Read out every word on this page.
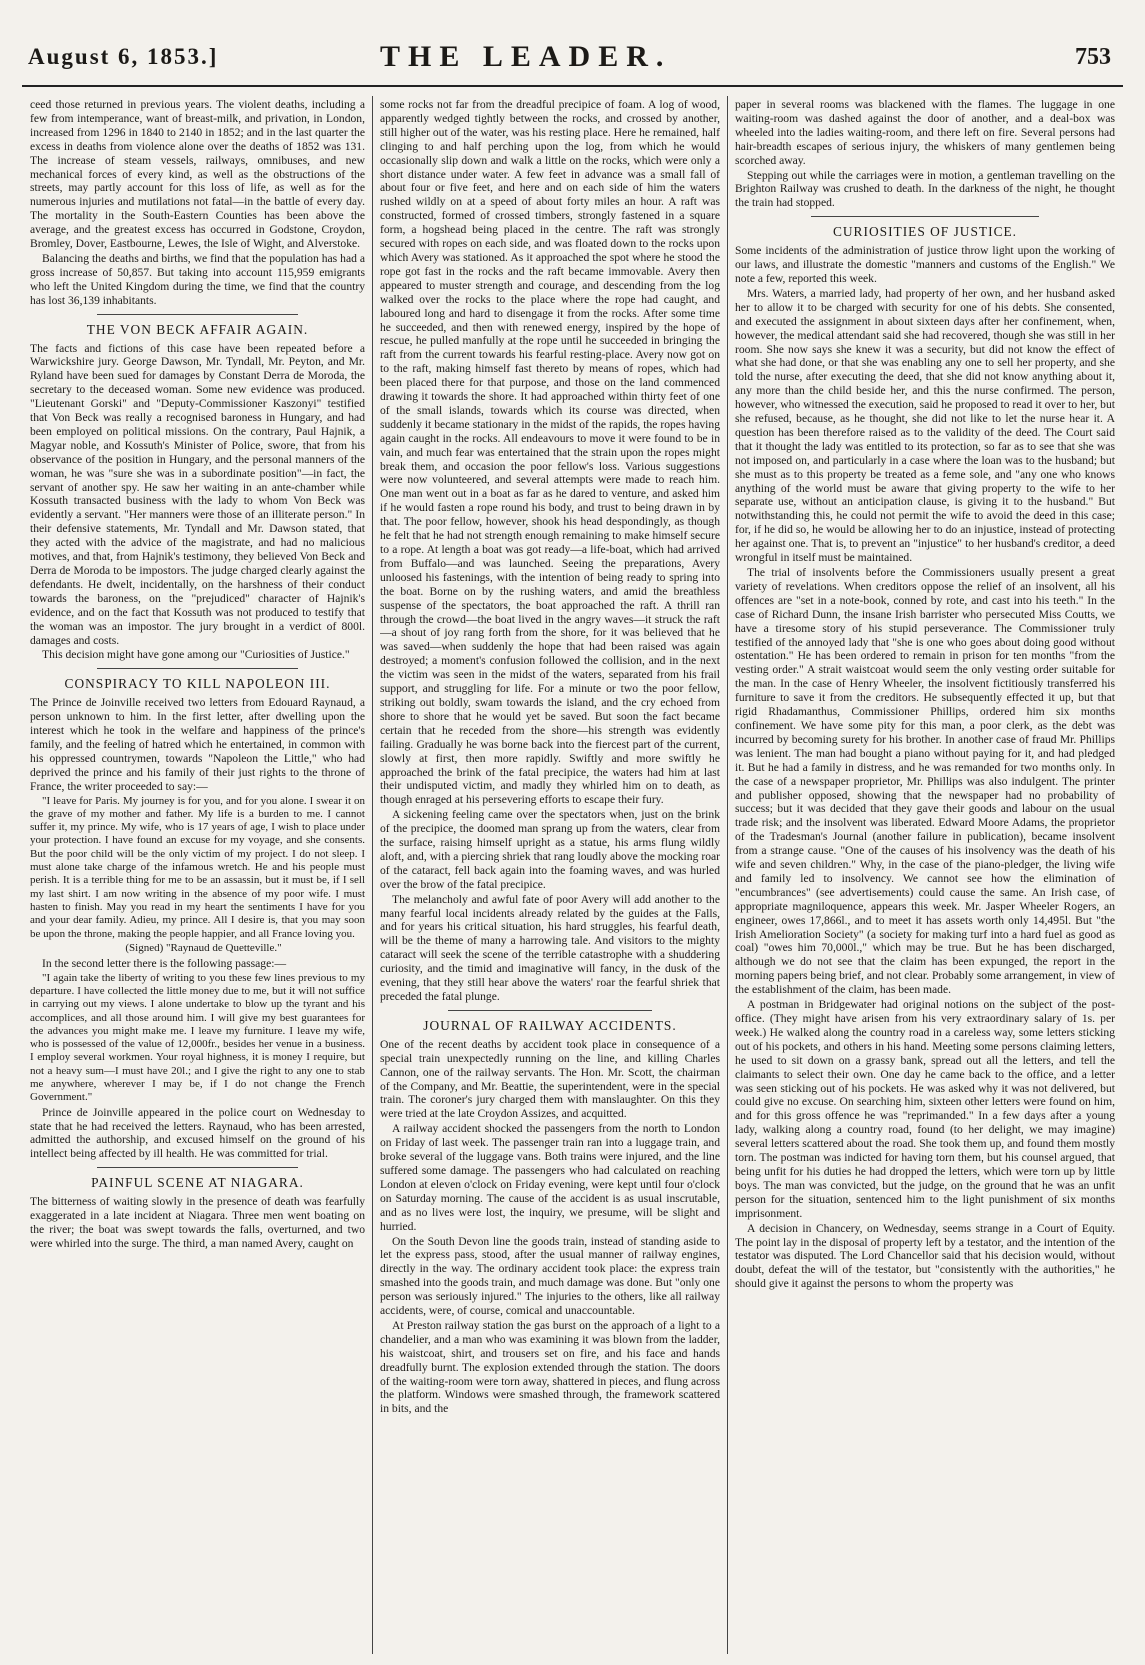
August 6, 1853.]	THE LEADER.	753

ceed those returned in previous years. The violent deaths, including a few from intemperance, want of breast-milk, and privation, in London, increased from 1296 in 1840 to 2140 in 1852; and in the last quarter the excess in deaths from violence alone over the deaths of 1852 was 131. The increase of steam vessels, railways, omnibuses, and new mechanical forces of every kind, as well as the obstructions of the streets, may partly account for this loss of life, as well as for the numerous injuries and mutilations not fatal—in the battle of every day. The mortality in the South-Eastern Counties has been above the average, and the greatest excess has occurred in Godstone, Croydon, Bromley, Dover, Eastbourne, Lewes, the Isle of Wight, and Alverstoke.

Balancing the deaths and births, we find that the population has had a gross increase of 50,857. But taking into account 115,959 emigrants who left the United Kingdom during the time, we find that the country has lost 36,139 inhabitants.

THE VON BECK AFFAIR AGAIN.

The facts and fictions of this case have been repeated before a Warwickshire jury. George Dawson, Mr. Tyndall, Mr. Peyton, and Mr. Ryland have been sued for damages by Constant Derra de Moroda, the secretary to the deceased woman. Some new evidence was produced. "Lieutenant Gorski" and "Deputy-Commissioner Kaszonyi" testified that Von Beck was really a recognised baroness in Hungary, and had been employed on political missions. On the contrary, Paul Hajnik, a Magyar noble, and Kossuth's Minister of Police, swore, that from his observance of the position in Hungary, and the personal manners of the woman, he was "sure she was in a subordinate position"—in fact, the servant of another spy. He saw her waiting in an ante-chamber while Kossuth transacted business with the lady to whom Von Beck was evidently a servant. "Her manners were those of an illiterate person." In their defensive statements, Mr. Tyndall and Mr. Dawson stated, that they acted with the advice of the magistrate, and had no malicious motives, and that, from Hajnik's testimony, they believed Von Beck and Derra de Moroda to be impostors. The judge charged clearly against the defendants. He dwelt, incidentally, on the harshness of their conduct towards the baroness, on the "prejudiced" character of Hajnik's evidence, and on the fact that Kossuth was not produced to testify that the woman was an impostor. The jury brought in a verdict of 800l. damages and costs.

This decision might have gone among our "Curiosities of Justice."

CONSPIRACY TO KILL NAPOLEON III.

The Prince de Joinville received two letters from Edouard Raynaud, a person unknown to him. In the first letter, after dwelling upon the interest which he took in the welfare and happiness of the prince's family, and the feeling of hatred which he entertained, in common with his oppressed countrymen, towards "Napoleon the Little," who had deprived the prince and his family of their just rights to the throne of France, the writer proceeded to say:—

"I leave for Paris. My journey is for you, and for you alone. I swear it on the grave of my mother and father. My life is a burden to me. I cannot suffer it, my prince. My wife, who is 17 years of age, I wish to place under your protection. I have found an excuse for my voyage, and she consents. But the poor child will be the only victim of my project. I do not sleep. I must alone take charge of the infamous wretch. He and his people must perish. It is a terrible thing for me to be an assassin, but it must be, if I sell my last shirt. I am now writing in the absence of my poor wife. I must hasten to finish. May you read in my heart the sentiments I have for you and your dear family. Adieu, my prince. All I desire is, that you may soon be upon the throne, making the people happier, and all France loving you.

(Signed) "Raynaud de Quetteville."

In the second letter there is the following passage:—

"I again take the liberty of writing to you these few lines previous to my departure. I have collected the little money due to me, but it will not suffice in carrying out my views. I alone undertake to blow up the tyrant and his accomplices, and all those around him. I will give my best guarantees for the advances you might make me. I leave my furniture. I leave my wife, who is possessed of the value of 12,000fr., besides her venue in a business. I employ several workmen. Your royal highness, it is money I require, but not a heavy sum—I must have 20l.; and I give the right to any one to stab me anywhere, wherever I may be, if I do not change the French Government."

Prince de Joinville appeared in the police court on Wednesday to state that he had received the letters. Raynaud, who has been arrested, admitted the authorship, and excused himself on the ground of his intellect being affected by ill health. He was committed for trial.

PAINFUL SCENE AT NIAGARA.

The bitterness of waiting slowly in the presence of death was fearfully exaggerated in a late incident at Niagara. Three men went boating on the river; the boat was swept towards the falls, overturned, and two were whirled into the surge. The third, a man named Avery, caught on

some rocks not far from the dreadful precipice of foam. A log of wood, apparently wedged tightly between the rocks, and crossed by another, still higher out of the water, was his resting place. Here he remained, half clinging to and half perching upon the log, from which he would occasionally slip down and walk a little on the rocks, which were only a short distance under water. A few feet in advance was a small fall of about four or five feet, and here and on each side of him the waters rushed wildly on at a speed of about forty miles an hour. A raft was constructed, formed of crossed timbers, strongly fastened in a square form, a hogshead being placed in the centre. The raft was strongly secured with ropes on each side, and was floated down to the rocks upon which Avery was stationed. As it approached the spot where he stood the rope got fast in the rocks and the raft became immovable. Avery then appeared to muster strength and courage, and descending from the log walked over the rocks to the place where the rope had caught, and laboured long and hard to disengage it from the rocks. After some time he succeeded, and then with renewed energy, inspired by the hope of rescue, he pulled manfully at the rope until he succeeded in bringing the raft from the current towards his fearful resting-place. Avery now got on to the raft, making himself fast thereto by means of ropes, which had been placed there for that purpose, and those on the land commenced drawing it towards the shore. It had approached within thirty feet of one of the small islands, towards which its course was directed, when suddenly it became stationary in the midst of the rapids, the ropes having again caught in the rocks. All endeavours to move it were found to be in vain, and much fear was entertained that the strain upon the ropes might break them, and occasion the poor fellow's loss. Various suggestions were now volunteered, and several attempts were made to reach him. One man went out in a boat as far as he dared to venture, and asked him if he would fasten a rope round his body, and trust to being drawn in by that. The poor fellow, however, shook his head despondingly, as though he felt that he had not strength enough remaining to make himself secure to a rope. At length a boat was got ready—a life-boat, which had arrived from Buffalo—and was launched. Seeing the preparations, Avery unloosed his fastenings, with the intention of being ready to spring into the boat. Borne on by the rushing waters, and amid the breathless suspense of the spectators, the boat approached the raft. A thrill ran through the crowd—the boat lived in the angry waves—it struck the raft—a shout of joy rang forth from the shore, for it was believed that he was saved—when suddenly the hope that had been raised was again destroyed; a moment's confusion followed the collision, and in the next the victim was seen in the midst of the waters, separated from his frail support, and struggling for life. For a minute or two the poor fellow, striking out boldly, swam towards the island, and the cry echoed from shore to shore that he would yet be saved. But soon the fact became certain that he receded from the shore—his strength was evidently failing. Gradually he was borne back into the fiercest part of the current, slowly at first, then more rapidly. Swiftly and more swiftly he approached the brink of the fatal precipice, the waters had him at last their undisputed victim, and madly they whirled him on to death, as though enraged at his persevering efforts to escape their fury.

A sickening feeling came over the spectators when, just on the brink of the precipice, the doomed man sprang up from the waters, clear from the surface, raising himself upright as a statue, his arms flung wildly aloft, and, with a piercing shriek that rang loudly above the mocking roar of the cataract, fell back again into the foaming waves, and was hurled over the brow of the fatal precipice.

The melancholy and awful fate of poor Avery will add another to the many fearful local incidents already related by the guides at the Falls, and for years his critical situation, his hard struggles, his fearful death, will be the theme of many a harrowing tale. And visitors to the mighty cataract will seek the scene of the terrible catastrophe with a shuddering curiosity, and the timid and imaginative will fancy, in the dusk of the evening, that they still hear above the waters' roar the fearful shriek that preceded the fatal plunge.

JOURNAL OF RAILWAY ACCIDENTS.

One of the recent deaths by accident took place in consequence of a special train unexpectedly running on the line, and killing Charles Cannon, one of the railway servants. The Hon. Mr. Scott, the chairman of the Company, and Mr. Beattie, the superintendent, were in the special train. The coroner's jury charged them with manslaughter. On this they were tried at the late Croydon Assizes, and acquitted.

A railway accident shocked the passengers from the north to London on Friday of last week. The passenger train ran into a luggage train, and broke several of the luggage vans. Both trains were injured, and the line suffered some damage. The passengers who had calculated on reaching London at eleven o'clock on Friday evening, were kept until four o'clock on Saturday morning. The cause of the accident is as usual inscrutable, and as no lives were lost, the inquiry, we presume, will be slight and hurried.

On the South Devon line the goods train, instead of standing aside to let the express pass, stood, after the usual manner of railway engines, directly in the way. The ordinary accident took place: the express train smashed into the goods train, and much damage was done. But "only one person was seriously injured." The injuries to the others, like all railway accidents, were, of course, comical and unaccountable.

At Preston railway station the gas burst on the approach of a light to a chandelier, and a man who was examining it was blown from the ladder, his waistcoat, shirt, and trousers set on fire, and his face and hands dreadfully burnt. The explosion extended through the station. The doors of the waiting-room were torn away, shattered in pieces, and flung across the platform. Windows were smashed through, the framework scattered in bits, and the

paper in several rooms was blackened with the flames. The luggage in one waiting-room was dashed against the door of another, and a deal-box was wheeled into the ladies waiting-room, and there left on fire. Several persons had hair-breadth escapes of serious injury, the whiskers of many gentlemen being scorched away.

Stepping out while the carriages were in motion, a gentleman travelling on the Brighton Railway was crushed to death. In the darkness of the night, he thought the train had stopped.

CURIOSITIES OF JUSTICE.

Some incidents of the administration of justice throw light upon the working of our laws, and illustrate the domestic "manners and customs of the English." We note a few, reported this week.

Mrs. Waters, a married lady, had property of her own, and her husband asked her to allow it to be charged with security for one of his debts. She consented, and executed the assignment in about sixteen days after her confinement, when, however, the medical attendant said she had recovered, though she was still in her room. She now says she knew it was a security, but did not know the effect of what she had done, or that she was enabling any one to sell her property, and she told the nurse, after executing the deed, that she did not know anything about it, any more than the child beside her, and this the nurse confirmed. The person, however, who witnessed the execution, said he proposed to read it over to her, but she refused, because, as he thought, she did not like to let the nurse hear it. A question has been therefore raised as to the validity of the deed. The Court said that it thought the lady was entitled to its protection, so far as to see that she was not imposed on, and particularly in a case where the loan was to the husband; but she must as to this property be treated as a feme sole, and "any one who knows anything of the world must be aware that giving property to the wife to her separate use, without an anticipation clause, is giving it to the husband." But notwithstanding this, he could not permit the wife to avoid the deed in this case; for, if he did so, he would be allowing her to do an injustice, instead of protecting her against one. That is, to prevent an "injustice" to her husband's creditor, a deed wrongful in itself must be maintained.

The trial of insolvents before the Commissioners usually present a great variety of revelations. When creditors oppose the relief of an insolvent, all his offences are "set in a note-book, conned by rote, and cast into his teeth." In the case of Richard Dunn, the insane Irish barrister who persecuted Miss Coutts, we have a tiresome story of his stupid perseverance. The Commissioner truly testified of the annoyed lady that "she is one who goes about doing good without ostentation." He has been ordered to remain in prison for ten months "from the vesting order." A strait waistcoat would seem the only vesting order suitable for the man. In the case of Henry Wheeler, the insolvent fictitiously transferred his furniture to save it from the creditors. He subsequently effected it up, but that rigid Rhadamanthus, Commissioner Phillips, ordered him six months confinement. We have some pity for this man, a poor clerk, as the debt was incurred by becoming surety for his brother. In another case of fraud Mr. Phillips was lenient. The man had bought a piano without paying for it, and had pledged it. But he had a family in distress, and he was remanded for two months only. In the case of a newspaper proprietor, Mr. Phillips was also indulgent. The printer and publisher opposed, showing that the newspaper had no probability of success; but it was decided that they gave their goods and labour on the usual trade risk; and the insolvent was liberated. Edward Moore Adams, the proprietor of the Tradesman's Journal (another failure in publication), became insolvent from a strange cause. "One of the causes of his insolvency was the death of his wife and seven children." Why, in the case of the piano-pledger, the living wife and family led to insolvency. We cannot see how the elimination of "encumbrances" (see advertisements) could cause the same. An Irish case, of appropriate magniloquence, appears this week. Mr. Jasper Wheeler Rogers, an engineer, owes 17,866l., and to meet it has assets worth only 14,495l. But "the Irish Amelioration Society" (a society for making turf into a hard fuel as good as coal) "owes him 70,000l.," which may be true. But he has been discharged, although we do not see that the claim has been expunged, the report in the morning papers being brief, and not clear. Probably some arrangement, in view of the establishment of the claim, has been made.

A postman in Bridgewater had original notions on the subject of the post-office. (They might have arisen from his very extraordinary salary of 1s. per week.) He walked along the country road in a careless way, some letters sticking out of his pockets, and others in his hand. Meeting some persons claiming letters, he used to sit down on a grassy bank, spread out all the letters, and tell the claimants to select their own. One day he came back to the office, and a letter was seen sticking out of his pockets. He was asked why it was not delivered, but could give no excuse. On searching him, sixteen other letters were found on him, and for this gross offence he was "reprimanded." In a few days after a young lady, walking along a country road, found (to her delight, we may imagine) several letters scattered about the road. She took them up, and found them mostly torn. The postman was indicted for having torn them, but his counsel argued, that being unfit for his duties he had dropped the letters, which were torn up by little boys. The man was convicted, but the judge, on the ground that he was an unfit person for the situation, sentenced him to the light punishment of six months imprisonment.

A decision in Chancery, on Wednesday, seems strange in a Court of Equity. The point lay in the disposal of property left by a testator, and the intention of the testator was disputed. The Lord Chancellor said that his decision would, without doubt, defeat the will of the testator, but "consistently with the authorities," he should give it against the persons to whom the property was
